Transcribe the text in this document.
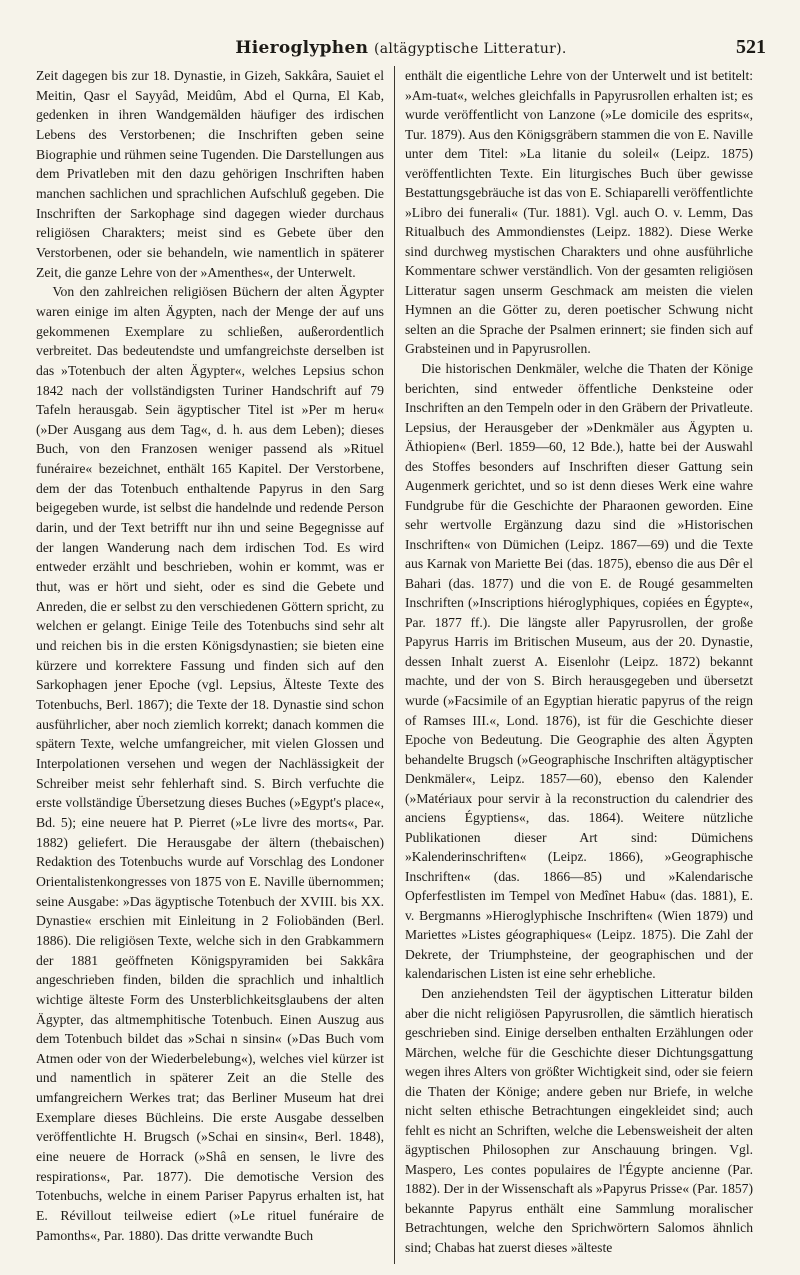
Hieroglyphen (altägyptische Litteratur).	521

Zeit dagegen bis zur 18. Dynastie, in Gizeh, Sakkâra, Sauiet el Meitin, Qasr el Sayyâd, Meidûm, Abd el Qurna, El Kab, gedenken in ihren Wandgemälden häufiger des irdischen Lebens des Verstorbenen; die Inschriften geben seine Biographie und rühmen seine Tugenden. Die Darstellungen aus dem Privatleben mit den dazu gehörigen Inschriften haben manchen sachlichen und sprachlichen Aufschluß gegeben. Die Inschriften der Sarkophage sind dagegen wieder durchaus religiösen Charakters; meist sind es Gebete über den Verstorbenen, oder sie behandeln, wie namentlich in späterer Zeit, die ganze Lehre von der »Amenthes«, der Unterwelt.

Von den zahlreichen religiösen Büchern der alten Ägypter waren einige im alten Ägypten, nach der Menge der auf uns gekommenen Exemplare zu schließen, außerordentlich verbreitet. Das bedeutendste und umfangreichste derselben ist das »Totenbuch der alten Ägypter«, welches Lepsius schon 1842 nach der vollständigsten Turiner Handschrift auf 79 Tafeln herausgab. Sein ägyptischer Titel ist »Per m heru« (»Der Ausgang aus dem Tag«, d. h. aus dem Leben); dieses Buch, von den Franzosen weniger passend als »Rituel funéraire« bezeichnet, enthält 165 Kapitel. Der Verstorbene, dem der das Totenbuch enthaltende Papyrus in den Sarg beigegeben wurde, ist selbst die handelnde und redende Person darin, und der Text betrifft nur ihn und seine Begegnisse auf der langen Wanderung nach dem irdischen Tod. Es wird entweder erzählt und beschrieben, wohin er kommt, was er thut, was er hört und sieht, oder es sind die Gebete und Anreden, die er selbst zu den verschiedenen Göttern spricht, zu welchen er gelangt. Einige Teile des Totenbuchs sind sehr alt und reichen bis in die ersten Königsdynastien; sie bieten eine kürzere und korrektere Fassung und finden sich auf den Sarkophagen jener Epoche (vgl. Lepsius, Älteste Texte des Totenbuchs, Berl. 1867); die Texte der 18. Dynastie sind schon ausführlicher, aber noch ziemlich korrekt; danach kommen die spätern Texte, welche umfangreicher, mit vielen Glossen und Interpolationen versehen und wegen der Nachlässigkeit der Schreiber meist sehr fehlerhaft sind. S. Birch verfuchte die erste vollständige Übersetzung dieses Buches (»Egypt's place«, Bd. 5); eine neuere hat P. Pierret (»Le livre des morts«, Par. 1882) geliefert. Die Herausgabe der ältern (thebaischen) Redaktion des Totenbuchs wurde auf Vorschlag des Londoner Orientalistenkongresses von 1875 von E. Naville übernommen; seine Ausgabe: »Das ägyptische Totenbuch der XVIII. bis XX. Dynastie« erschien mit Einleitung in 2 Foliobänden (Berl. 1886). Die religiösen Texte, welche sich in den Grabkammern der 1881 geöffneten Königspyramiden bei Sakkâra angeschrieben finden, bilden die sprachlich und inhaltlich wichtige älteste Form des Unsterblichkeitsglaubens der alten Ägypter, das altmemphitische Totenbuch. Einen Auszug aus dem Totenbuch bildet das »Schai n sinsin« (»Das Buch vom Atmen oder von der Wiederbelebung«), welches viel kürzer ist und namentlich in späterer Zeit an die Stelle des umfangreichern Werkes trat; das Berliner Museum hat drei Exemplare dieses Büchleins. Die erste Ausgabe desselben veröffentlichte H. Brugsch (»Schai en sinsin«, Berl. 1848), eine neuere de Horrack (»Shâ en sensen, le livre des respirations«, Par. 1877). Die demotische Version des Totenbuchs, welche in einem Pariser Papyrus erhalten ist, hat E. Révillout teilweise ediert (»Le rituel funéraire de Pamonths«, Par. 1880). Das dritte verwandte Buch

enthält die eigentliche Lehre von der Unterwelt und ist betitelt: »Am-tuat«, welches gleichfalls in Papyrusrollen erhalten ist; es wurde veröffentlicht von Lanzone (»Le domicile des esprits«, Tur. 1879). Aus den Königsgräbern stammen die von E. Naville unter dem Titel: »La litanie du soleil« (Leipz. 1875) veröffentlichten Texte. Ein liturgisches Buch über gewisse Bestattungsgebräuche ist das von E. Schiaparelli veröffentlichte »Libro dei funerali« (Tur. 1881). Vgl. auch O. v. Lemm, Das Ritualbuch des Ammondienstes (Leipz. 1882). Diese Werke sind durchweg mystischen Charakters und ohne ausführliche Kommentare schwer verständlich. Von der gesamten religiösen Litteratur sagen unserm Geschmack am meisten die vielen Hymnen an die Götter zu, deren poetischer Schwung nicht selten an die Sprache der Psalmen erinnert; sie finden sich auf Grabsteinen und in Papyrusrollen.

Die historischen Denkmäler, welche die Thaten der Könige berichten, sind entweder öffentliche Denksteine oder Inschriften an den Tempeln oder in den Gräbern der Privatleute. Lepsius, der Herausgeber der »Denkmäler aus Ägypten u. Äthiopien« (Berl. 1859—60, 12 Bde.), hatte bei der Auswahl des Stoffes besonders auf Inschriften dieser Gattung sein Augenmerk gerichtet, und so ist denn dieses Werk eine wahre Fundgrube für die Geschichte der Pharaonen geworden. Eine sehr wertvolle Ergänzung dazu sind die »Historischen Inschriften« von Dümichen (Leipz. 1867—69) und die Texte aus Karnak von Mariette Bei (das. 1875), ebenso die aus Dêr el Bahari (das. 1877) und die von E. de Rougé gesammelten Inschriften (»Inscriptions hiéroglyphiques, copiées en Égypte«, Par. 1877 ff.). Die längste aller Papyrusrollen, der große Papyrus Harris im Britischen Museum, aus der 20. Dynastie, dessen Inhalt zuerst A. Eisenlohr (Leipz. 1872) bekannt machte, und der von S. Birch herausgegeben und übersetzt wurde (»Facsimile of an Egyptian hieratic papyrus of the reign of Ramses III.«, Lond. 1876), ist für die Geschichte dieser Epoche von Bedeutung. Die Geographie des alten Ägypten behandelte Brugsch (»Geographische Inschriften altägyptischer Denkmäler«, Leipz. 1857—60), ebenso den Kalender (»Matériaux pour servir à la reconstruction du calendrier des anciens Égyptiens«, das. 1864). Weitere nützliche Publikationen dieser Art sind: Dümichens »Kalenderinschriften« (Leipz. 1866), »Geographische Inschriften« (das. 1866—85) und »Kalendarische Opferfestlisten im Tempel von Medînet Habu« (das. 1881), E. v. Bergmanns »Hieroglyphische Inschriften« (Wien 1879) und Mariettes »Listes géographiques« (Leipz. 1875). Die Zahl der Dekrete, der Triumphsteine, der geographischen und der kalendarischen Listen ist eine sehr erhebliche.

Den anziehendsten Teil der ägyptischen Litteratur bilden aber die nicht religiösen Papyrusrollen, die sämtlich hieratisch geschrieben sind. Einige derselben enthalten Erzählungen oder Märchen, welche für die Geschichte dieser Dichtungsgattung wegen ihres Alters von größter Wichtigkeit sind, oder sie feiern die Thaten der Könige; andere geben nur Briefe, in welche nicht selten ethische Betrachtungen eingekleidet sind; auch fehlt es nicht an Schriften, welche die Lebensweisheit der alten ägyptischen Philosophen zur Anschauung bringen. Vgl. Maspero, Les contes populaires de l'Égypte ancienne (Par. 1882). Der in der Wissenschaft als »Papyrus Prisse« (Par. 1857) bekannte Papyrus enthält eine Sammlung moralischer Betrachtungen, welche den Sprichwörtern Salomos ähnlich sind; Chabas hat zuerst dieses »älteste
